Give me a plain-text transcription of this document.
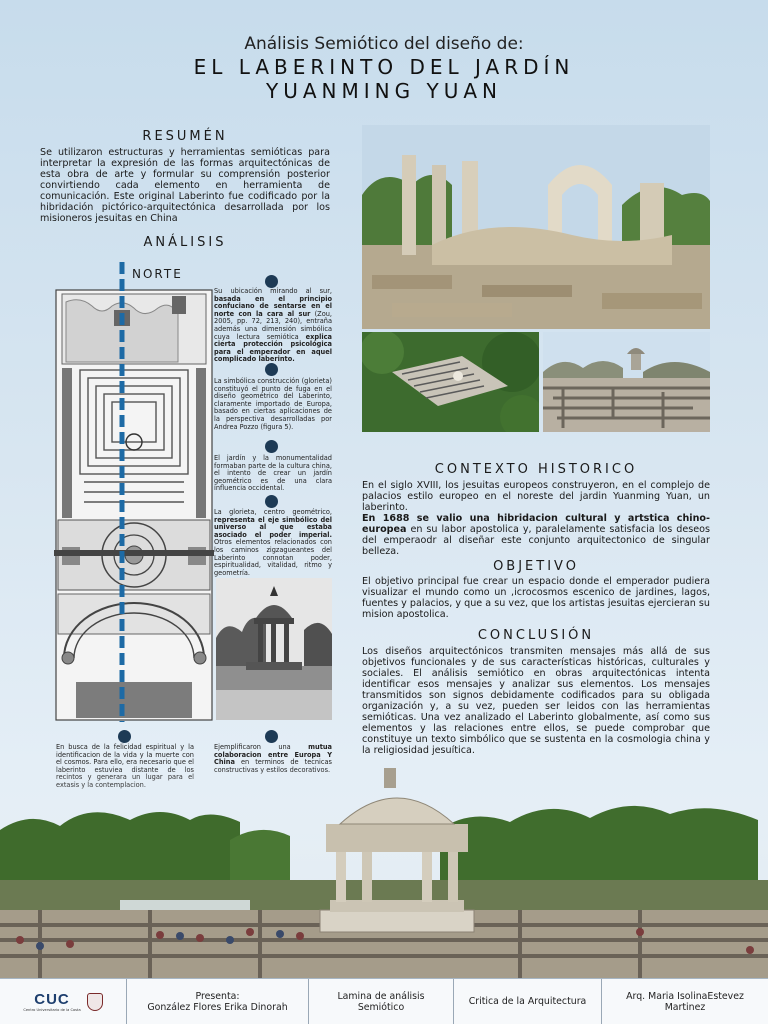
Análisis Semiótico del diseño de:
EL LABERINTO DEL JARDÍN
YUANMING YUAN
RESUMÉN
Se utilizaron estructuras y herramientas semióticas para interpretar la expresión de las formas arquitectónicas de esta obra de arte y formular su comprensión posterior convirtiendo cada elemento en herramienta de comunicación. Este original Laberinto fue codificado por la hibridación pictórico-arquitectónica desarrollada por los misioneros jesuitas en China
ANÁLISIS
NORTE
Su ubicación mirando al sur, basada en el principio confuciano de sentarse en el norte con la cara al sur (Zou, 2005, pp. 72, 213, 240), entraña además una dimensión simbólica cuya lectura semiótica explica cierta protección psicológica para el emperador en aquel complicado laberinto.
La simbólica construcción (glorieta) constituyó el punto de fuga en el diseño geométrico del Laberinto, claramente importado de Europa, basado en ciertas aplicaciones de la perspectiva desarrolladas por Andrea Pozzo (figura 5).
El jardín y la monumentalidad formaban parte de la cultura china, el intento de crear un jardín geométrico es de una clara influencia occidental.
La glorieta, centro geométrico, representa el eje simbólico del universo al que estaba asociado el poder imperial. Otros elementos relacionados con los caminos zigzagueantes del Laberinto connotan poder, espiritualidad, vitalidad, ritmo y geometría.
En busca de la felicidad espiritual y la identificacion de la vida y la muerte con
Ejemplificaron una mutua colaboracion entre Europa Y
CONTEXTO HISTORICO
En el siglo XVIII, los jesuitas europeos construyeron, en el complejo de palacios estilo europeo en el noreste del jardin Yuanming Yuan, un laberinto.
En 1688 se valio una hibridacion cultural y artstica chino-europea en su labor apostolica y, paralelamente satisfacia los deseos del emperaodr al diseñar este conjunto arquitectonico de singular belleza.
OBJETIVO
El objetivo principal fue crear un espacio donde el emperador pudiera visualizar el mundo como un ,icrocosmos escenico de jardines, lagos, fuentes y palacios, y que a su vez, que los artistas jesuitas ejercieran su mision apostolica.
CONCLUSIÓN
Los diseños arquitectónicos transmiten mensajes más allá de sus objetivos funcionales y de sus características históricas, culturales y sociales. El análisis semiótico en obras arquitectónicas intenta identificar esos mensajes y analizar sus elementos. Los mensajes transmitidos son signos debidamente codificados para su obligada organización y, a su vez, pueden ser leidos con las herramientas semióticas. Una vez analizado el Laberinto globalmente, así como sus elementos y las relaciones entre ellos, se puede comprobar que constituye un texto simbólico que se sustenta en la cosmologia china y la religiosidad jesuítica.
CUC
Centro Universitario de la Costa
Presenta:
González Flores Erika Dinorah
Lamina de análisis Semiótico	Critica de la Arquitectura	Arq. Maria IsolinaEstevez
Martinez
